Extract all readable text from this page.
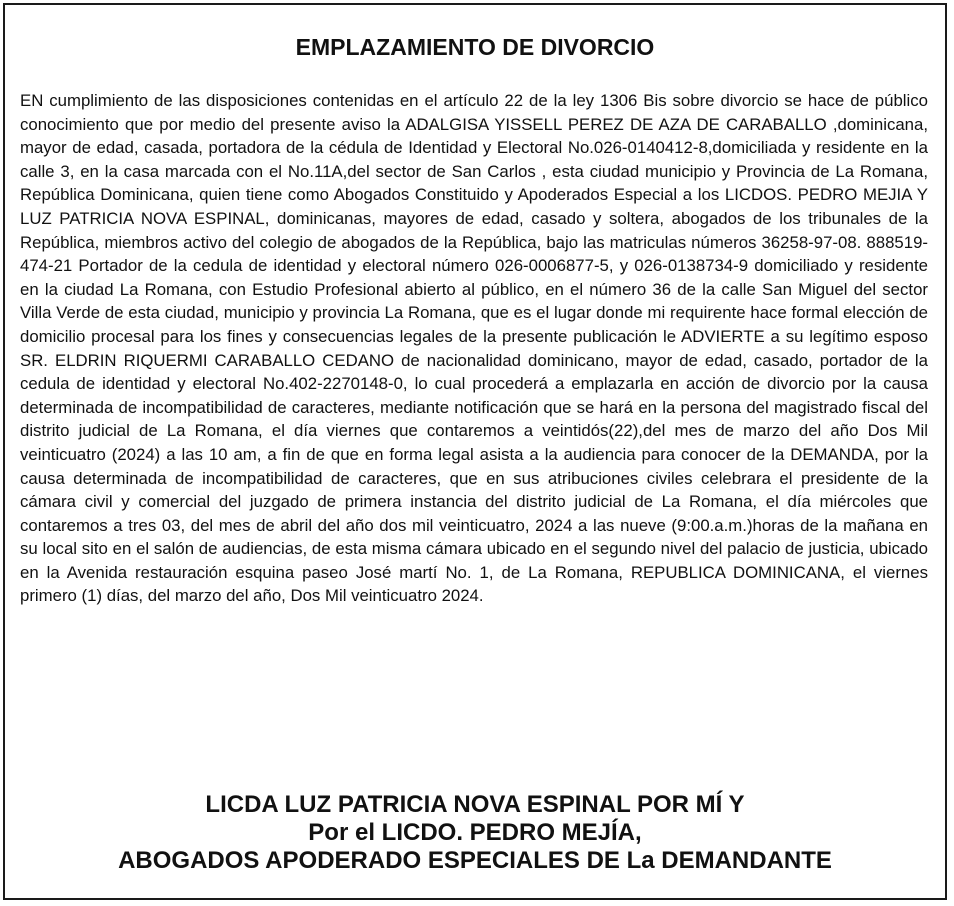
EMPLAZAMIENTO DE DIVORCIO

EN cumplimiento de las disposiciones contenidas en el artículo 22 de la ley 1306 Bis sobre divorcio se hace de público conocimiento que por medio del presente aviso la ADALGISA YISSELL PEREZ DE AZA DE CARABALLO ,dominicana, mayor de edad, casada, portadora de la cédula de Identidad y Electoral No.026-0140412-8,domiciliada y residente en la calle 3, en la casa marcada con el No.11A,del sector de San Carlos , esta ciudad municipio y Provincia de La Romana, República Dominicana, quien tiene como Abogados Constituido y Apoderados Especial a los LICDOS. PEDRO MEJIA Y LUZ PATRICIA NOVA ESPINAL, dominicanas, mayores de edad, casado y soltera, abogados de los tribunales de la República, miembros activo del colegio de abogados de la República, bajo las matriculas números 36258-97-08. 888519-474-21 Portador de la cedula de identidad y electoral número 026-0006877-5, y 026-0138734-9 domiciliado y residente en la ciudad La Romana, con Estudio Profesional abierto al público, en el número 36 de la calle San Miguel del sector Villa Verde de esta ciudad, municipio y provincia La Romana, que es el lugar donde mi requirente hace formal elección de domicilio procesal para los fines y consecuencias legales de la presente publicación le ADVIERTE a su legítimo esposo SR. ELDRIN RIQUERMI CARABALLO CEDANO de nacionalidad dominicano, mayor de edad, casado, portador de la cedula de identidad y electoral No.402-2270148-0, lo cual procederá a emplazarla en acción de divorcio por la causa determinada de incompatibilidad de caracteres, mediante notificación que se hará en la persona del magistrado fiscal del distrito judicial de La Romana, el día viernes que contaremos a veintidós(22),del mes de marzo del año Dos Mil veinticuatro (2024) a las 10 am, a fin de que en forma legal asista a la audiencia para conocer de la DEMANDA, por la causa determinada de incompatibilidad de caracteres, que en sus atribuciones civiles celebrara el presidente de la cámara civil y comercial del juzgado de primera instancia del distrito judicial de La Romana, el día miércoles que contaremos a tres 03, del mes de abril del año dos mil veinticuatro, 2024 a las nueve (9:00.a.m.)horas de la mañana en su local sito en el salón de audiencias, de esta misma cámara ubicado en el segundo nivel del palacio de justicia, ubicado en la Avenida restauración esquina paseo José martí No. 1, de La Romana, REPUBLICA DOMINICANA, el viernes primero (1) días, del marzo del año, Dos Mil veinticuatro 2024.

LICDA LUZ PATRICIA NOVA ESPINAL POR MÍ Y
Por el LICDO. PEDRO MEJÍA,
ABOGADOS APODERADO ESPECIALES DE La DEMANDANTE
